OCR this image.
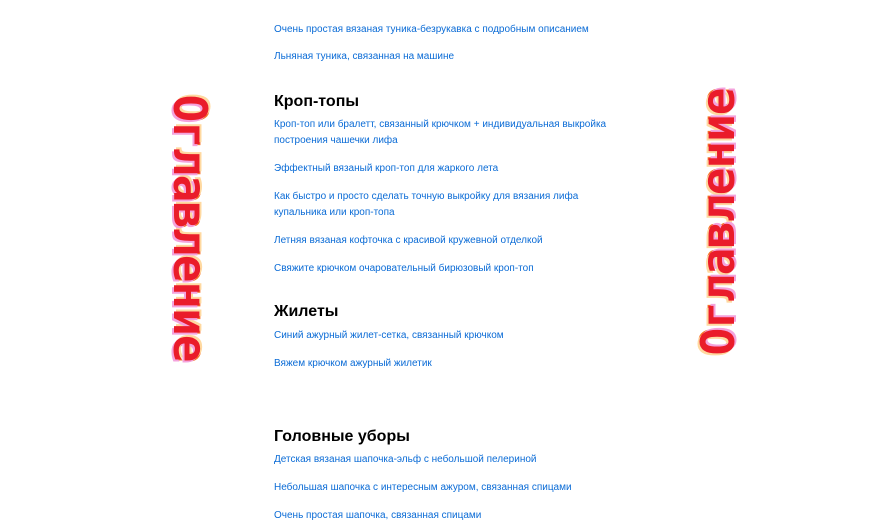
Оглавление	Оглавление
Очень простая вязаная туника-безрукавка с подробным описанием
Льняная туника, связанная на машине
Кроп-топы
Кроп-топ или бралетт, связанный крючком + индивидуальная выкройка построения чашечки лифа
Эффектный вязаный кроп-топ для жаркого лета
Как быстро и просто сделать точную выкройку для вязания лифа купальника или кроп-топа
Летняя вязаная кофточка с красивой кружевной отделкой
Свяжите крючком очаровательный бирюзовый кроп-топ
Жилеты
Синий ажурный жилет-сетка, связанный крючком
Вяжем крючком ажурный жилетик
Головные уборы
Детская вязаная шапочка-эльф с небольшой пелериной
Небольшая шапочка с интересным ажуром, связанная спицами
Очень простая шапочка, связанная спицами
